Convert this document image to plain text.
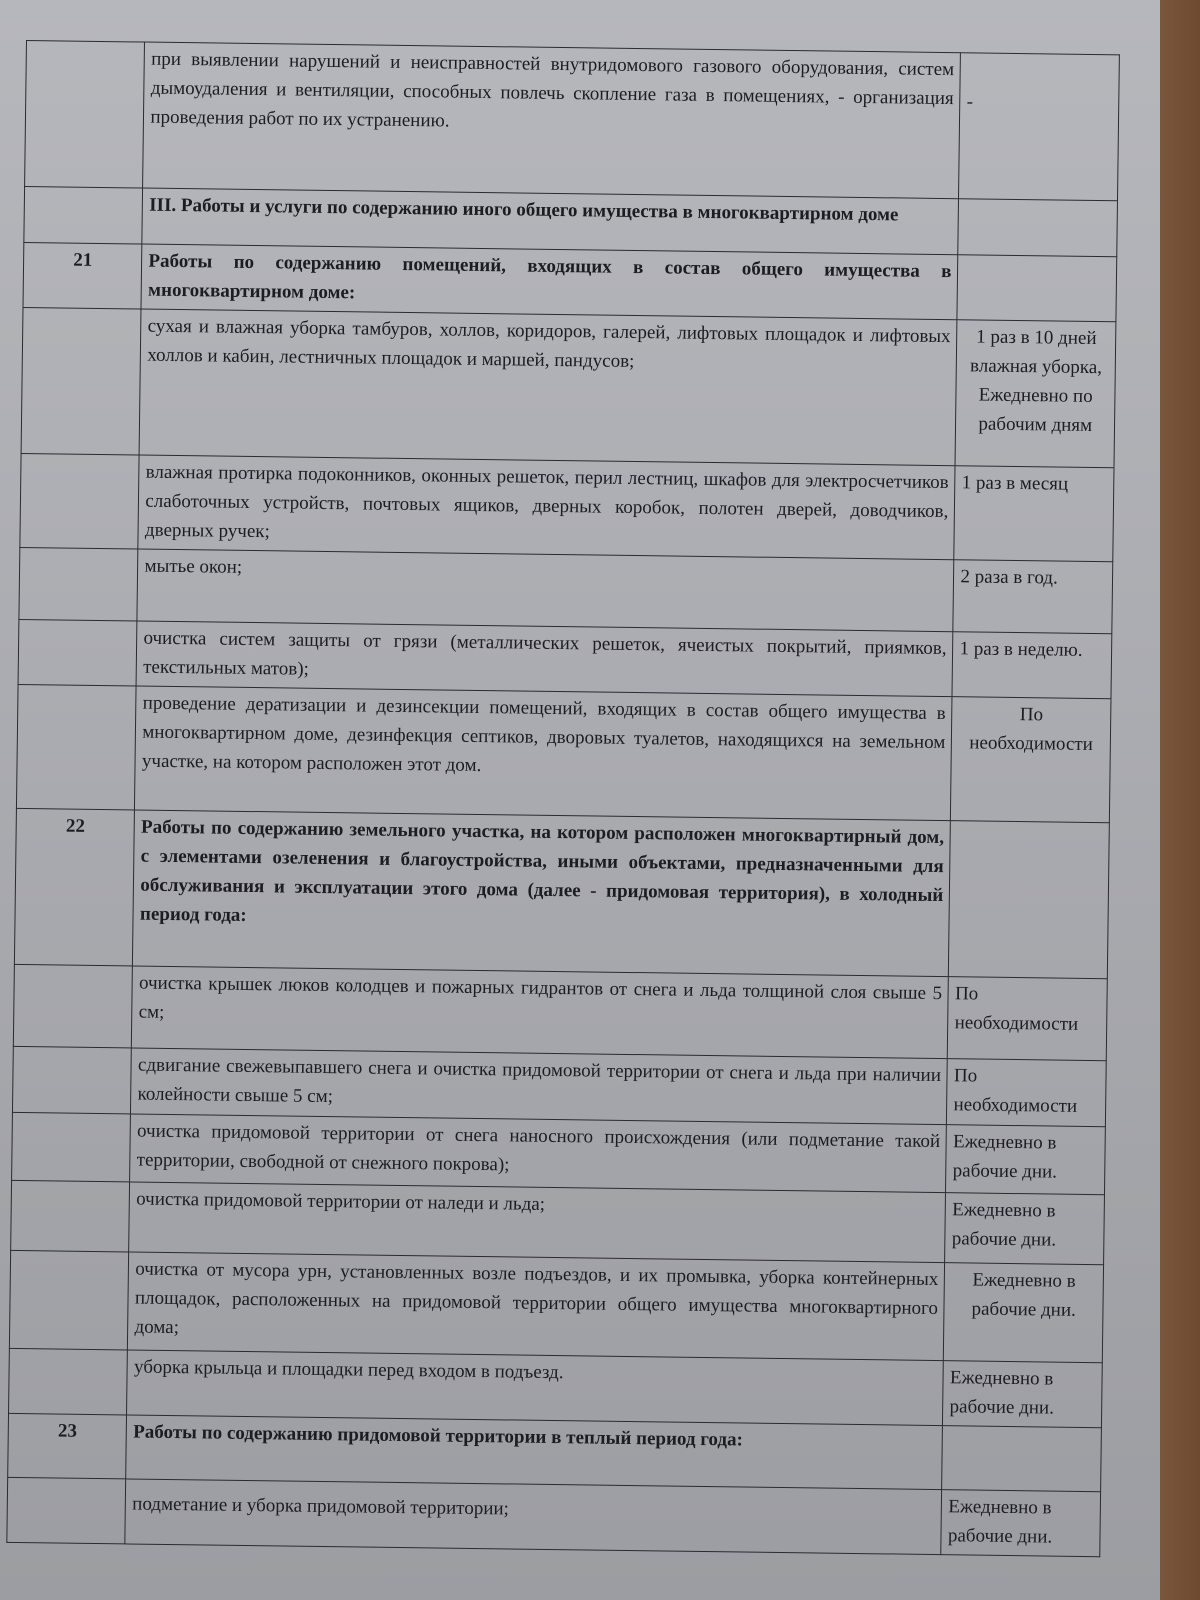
	при выявлении нарушений и неисправностей внутридомового газового оборудования, систем дымоудаления и вентиляции, способных повлечь скопление газа в помещениях, - организация проведения работ по их устранению.	-
	III. Работы и услуги по содержанию иного общего имущества в многоквартирном доме	
21	Работы по содержанию помещений, входящих в состав общего имущества в многоквартирном доме:	
	сухая и влажная уборка тамбуров, холлов, коридоров, галерей, лифтовых площадок и лифтовых холлов и кабин, лестничных площадок и маршей, пандусов;	1 раз в 10 дней влажная уборка, Ежедневно по рабочим дням
	влажная протирка подоконников, оконных решеток, перил лестниц, шкафов для электросчетчиков слаботочных устройств, почтовых ящиков, дверных коробок, полотен дверей, доводчиков, дверных ручек;	1 раз в месяц
	мытье окон;	2 раза в год.
	очистка систем защиты от грязи (металлических решеток, ячеистых покрытий, приямков, текстильных матов);	1 раз в неделю.
	проведение дератизации и дезинсекции помещений, входящих в состав общего имущества в многоквартирном доме, дезинфекция септиков, дворовых туалетов, находящихся на земельном участке, на котором расположен этот дом.	По необходимости
22	Работы по содержанию земельного участка, на котором расположен многоквартирный дом, с элементами озеленения и благоустройства, иными объектами, предназначенными для обслуживания и эксплуатации этого дома (далее - придомовая территория), в холодный период года:	
	очистка крышек люков колодцев и пожарных гидрантов от снега и льда толщиной слоя свыше 5 см;	По необходимости
	сдвигание свежевыпавшего снега и очистка придомовой территории от снега и льда при наличии колейности свыше 5 см;	По необходимости
	очистка придомовой территории от снега наносного происхождения (или подметание такой территории, свободной от снежного покрова);	Ежедневно в рабочие дни.
	очистка придомовой территории от наледи и льда;	Ежедневно в рабочие дни.
	очистка от мусора урн, установленных возле подъездов, и их промывка, уборка контейнерных площадок, расположенных на придомовой территории общего имущества многоквартирного дома;	Ежедневно в рабочие дни.
	уборка крыльца и площадки перед входом в подъезд.	Ежедневно в рабочие дни.
23	Работы по содержанию придомовой территории в теплый период года:	
	подметание и уборка придомовой территории;	Ежедневно в рабочие дни.
